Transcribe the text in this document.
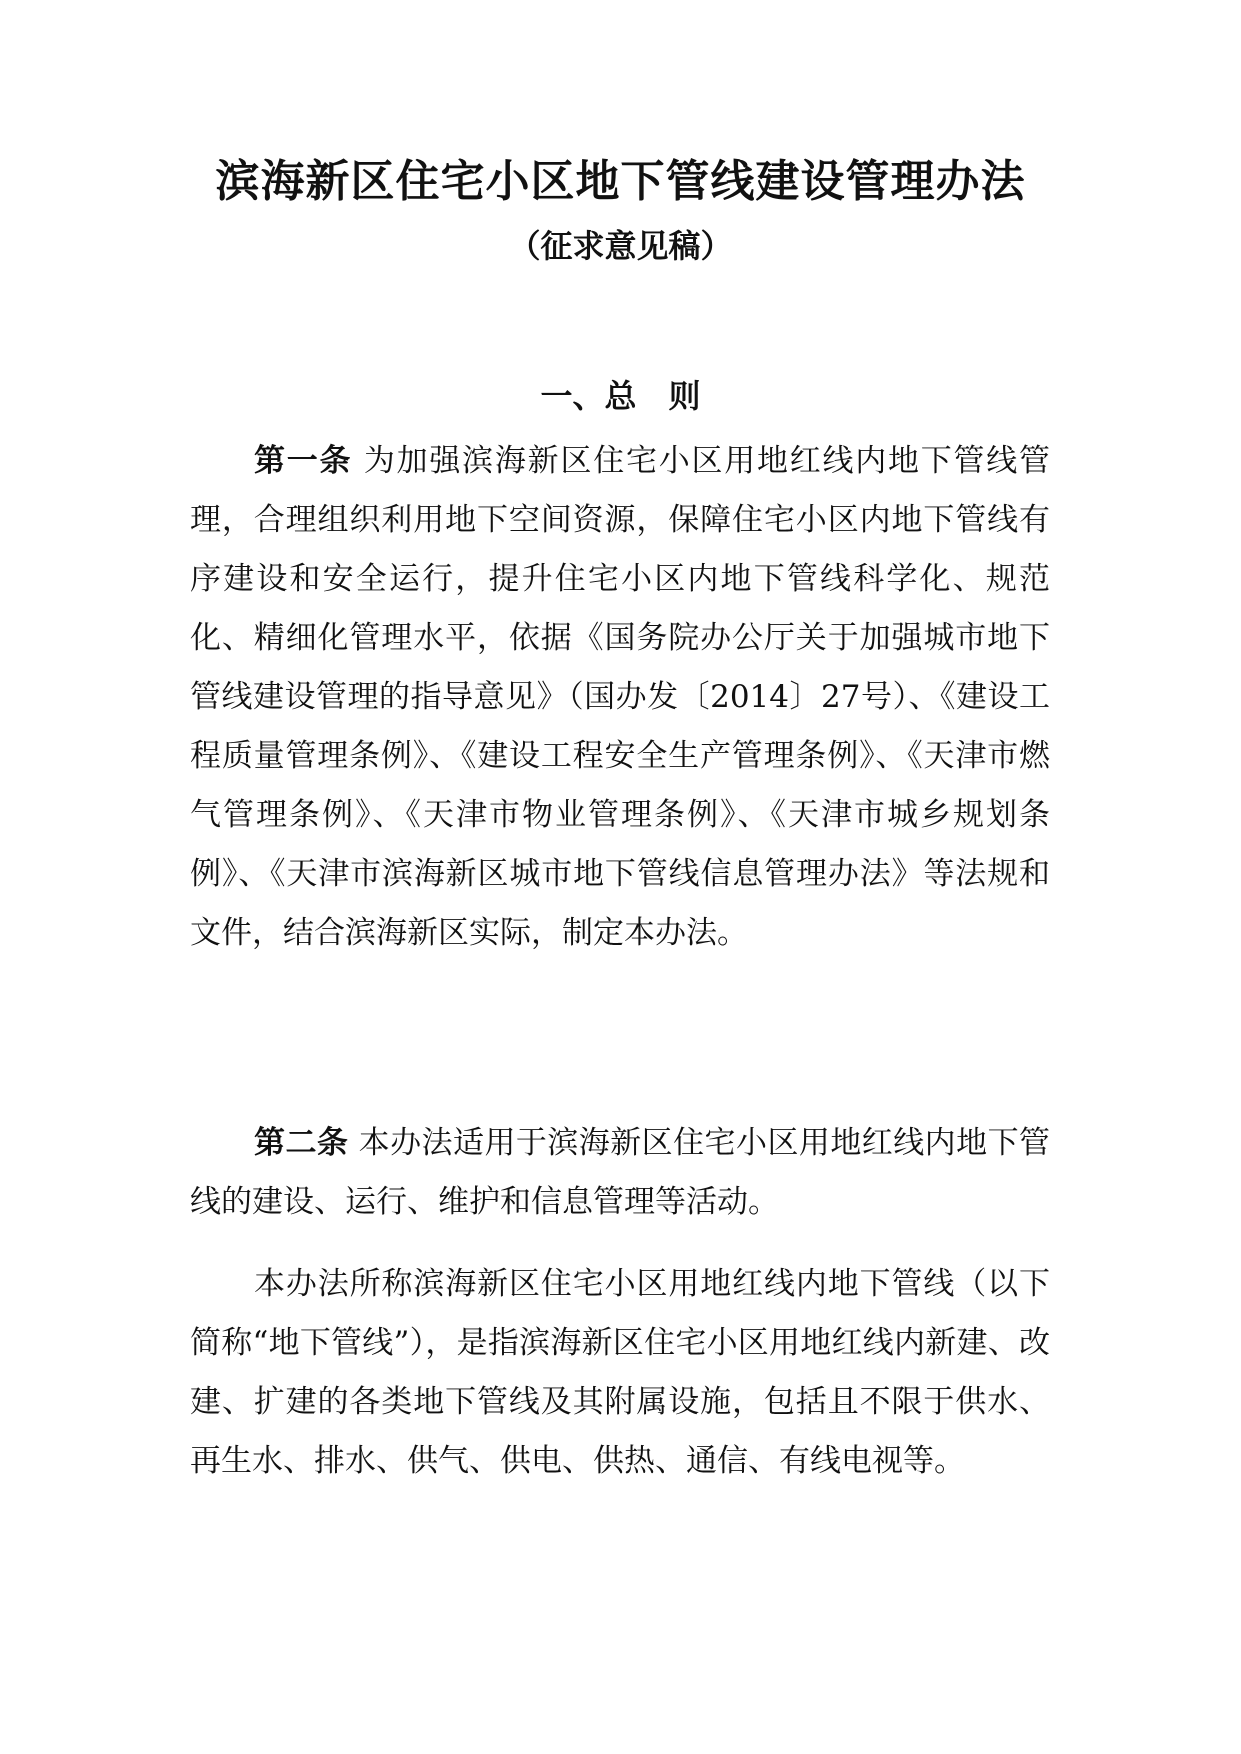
滨海新区住宅小区地下管线建设管理办法
（征求意见稿）
一、总　则

第一条 为加强滨海新区住宅小区用地红线内地下管线管理，合理组织利用地下空间资源，保障住宅小区内地下管线有序建设和安全运行，提升住宅小区内地下管线科学化、规范化、精细化管理水平，依据《国务院办公厅关于加强城市地下管线建设管理的指导意见》（国办发〔2014〕27号）、《建设工程质量管理条例》、《建设工程安全生产管理条例》、《天津市燃气管理条例》、《天津市物业管理条例》、《天津市城乡规划条例》、《天津市滨海新区城市地下管线信息管理办法》等法规和文件，结合滨海新区实际，制定本办法。

第二条 本办法适用于滨海新区住宅小区用地红线内地下管线的建设、运行、维护和信息管理等活动。

本办法所称滨海新区住宅小区用地红线内地下管线（以下简称“地下管线”），是指滨海新区住宅小区用地红线内新建、改建、扩建的各类地下管线及其附属设施，包括且不限于供水、再生水、排水、供气、供电、供热、通信、有线电视等。
